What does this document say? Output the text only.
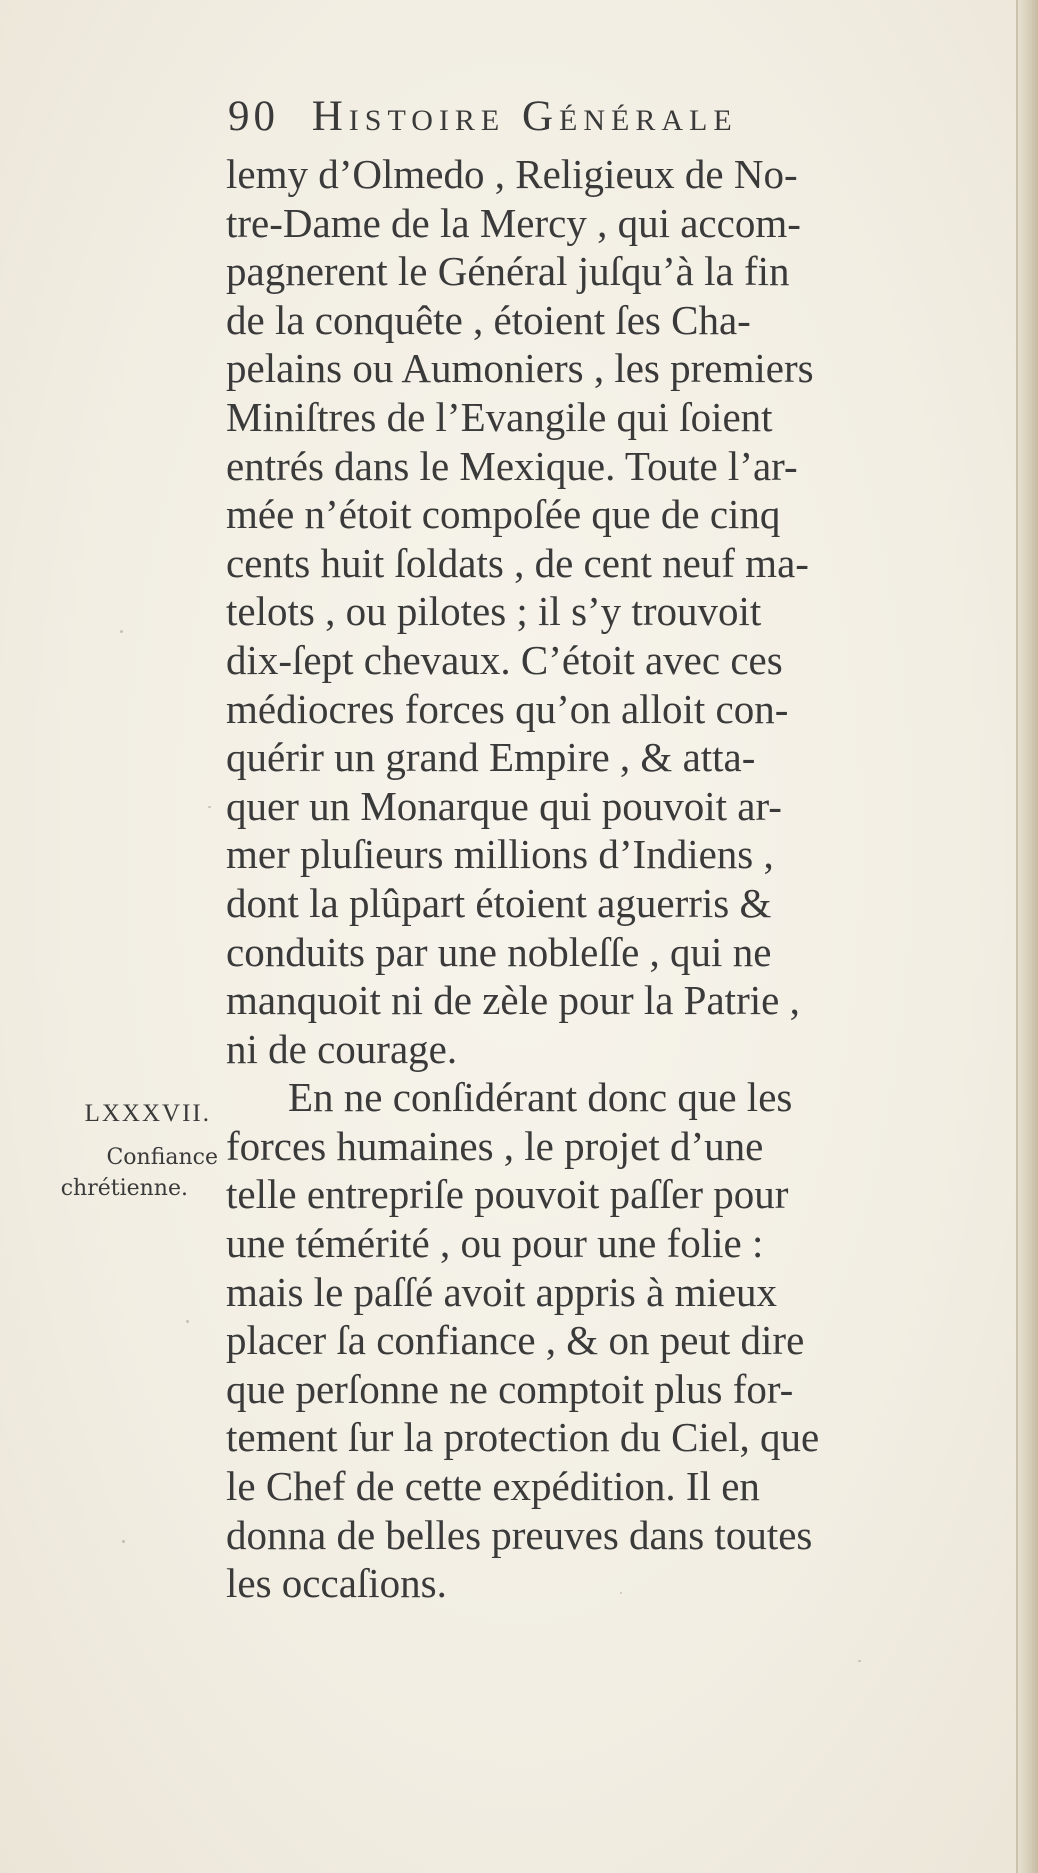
90 Histoire Générale
lemy d’Olmedo , Religieux de No-
tre-Dame de la Mercy , qui accom-
pagnerent le Général juſqu’à la fin
de la conquête , étoient ſes Cha-
pelains ou Aumoniers , les premiers
Miniſtres de l’Evangile qui ſoient
entrés dans le Mexique. Toute l’ar-
mée n’étoit compoſée que de cinq
cents huit ſoldats , de cent neuf ma-
telots , ou pilotes ; il s’y trouvoit
dix-ſept chevaux. C’étoit avec ces
médiocres forces qu’on alloit con-
quérir un grand Empire , & atta-
quer un Monarque qui pouvoit ar-
mer pluſieurs millions d’Indiens ,
dont la plûpart étoient aguerris &
conduits par une nobleſſe , qui ne
manquoit ni de zèle pour la Patrie ,
ni de courage.
En ne conſidérant donc que les
forces humaines , le projet d’une
telle entrepriſe pouvoit paſſer pour
une témérité , ou pour une folie :
mais le paſſé avoit appris à mieux
placer ſa confiance , & on peut dire
que perſonne ne comptoit plus for-
tement ſur la protection du Ciel, que
le Chef de cette expédition. Il en
donna de belles preuves dans toutes
les occaſions.
LXXXVII.
Confiance
chrétienne.
